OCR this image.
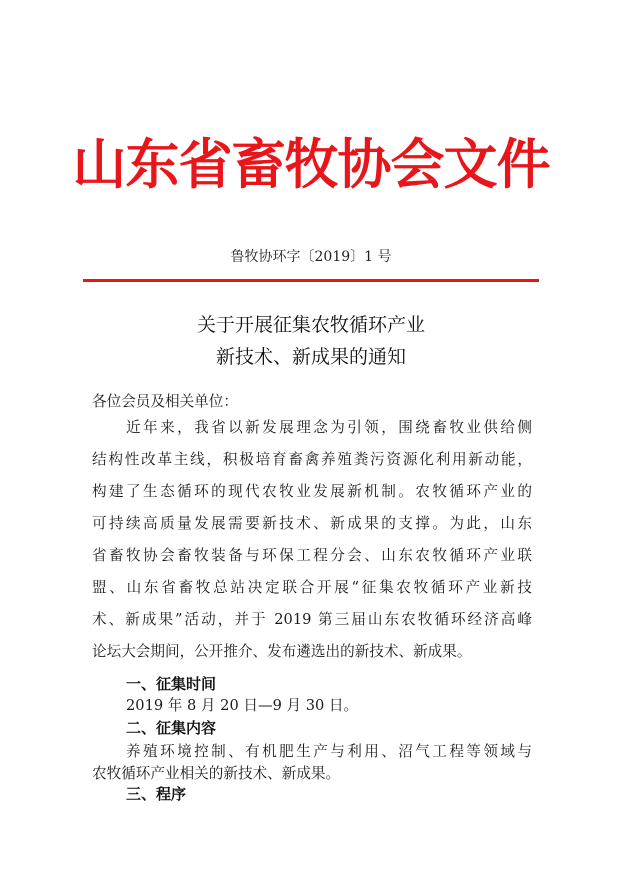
山东省畜牧协会文件
鲁牧协环字〔2019〕1 号
关于开展征集农牧循环产业
新技术、新成果的通知
各位会员及相关单位：
　　近年来，我省以新发展理念为引领，围绕畜牧业供给侧
结构性改革主线，积极培育畜禽养殖粪污资源化利用新动能，
构建了生态循环的现代农牧业发展新机制。农牧循环产业的
可持续高质量发展需要新技术、新成果的支撑。为此，山东
省畜牧协会畜牧装备与环保工程分会、山东农牧循环产业联
盟、山东省畜牧总站决定联合开展“征集农牧循环产业新技
术、新成果”活动，并于 2019 第三届山东农牧循环经济高峰
论坛大会期间，公开推介、发布遴选出的新技术、新成果。
一、征集时间
2019 年 8 月 20 日—9 月 30 日。
二、征集内容
　　养殖环境控制、有机肥生产与利用、沼气工程等领域与
农牧循环产业相关的新技术、新成果。
三、程序
